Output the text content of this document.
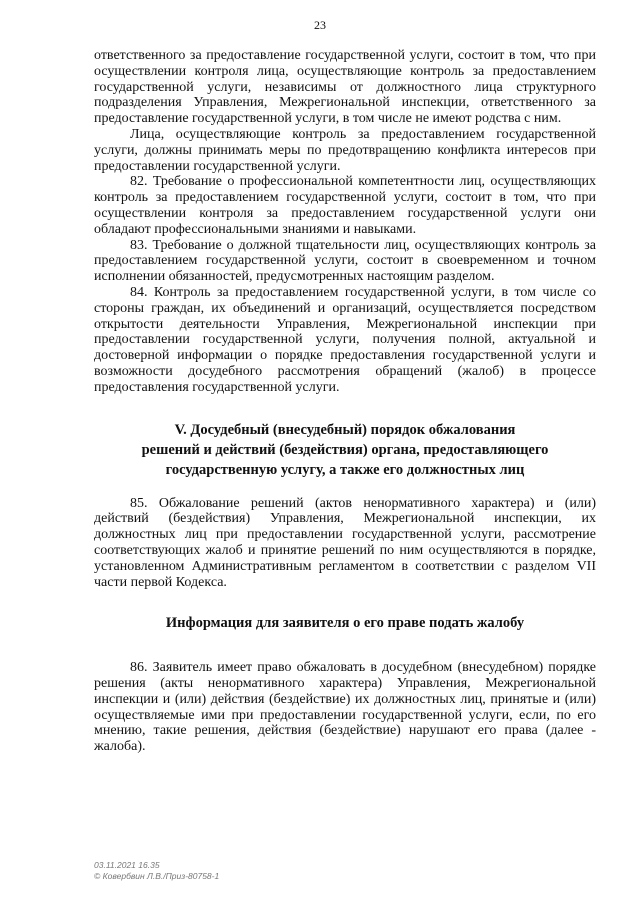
23

ответственного за предоставление государственной услуги, состоит в том, что при осуществлении контроля лица, осуществляющие контроль за предоставлением государственной услуги, независимы от должностного лица структурного подразделения Управления, Межрегиональной инспекции, ответственного за предоставление государственной услуги, в том числе не имеют родства с ним.

Лица, осуществляющие контроль за предоставлением государственной услуги, должны принимать меры по предотвращению конфликта интересов при предоставлении государственной услуги.

82. Требование о профессиональной компетентности лиц, осуществляющих контроль за предоставлением государственной услуги, состоит в том, что при осуществлении контроля за предоставлением государственной услуги они обладают профессиональными знаниями и навыками.

83. Требование о должной тщательности лиц, осуществляющих контроль за предоставлением государственной услуги, состоит в своевременном и точном исполнении обязанностей, предусмотренных настоящим разделом.

84. Контроль за предоставлением государственной услуги, в том числе со стороны граждан, их объединений и организаций, осуществляется посредством открытости деятельности Управления, Межрегиональной инспекции при предоставлении государственной услуги, получения полной, актуальной и достоверной информации о порядке предоставления государственной услуги и возможности досудебного рассмотрения обращений (жалоб) в процессе предоставления государственной услуги.

V. Досудебный (внесудебный) порядок обжалования
решений и действий (бездействия) органа, предоставляющего
государственную услугу, а также его должностных лиц

85. Обжалование решений (актов ненормативного характера) и (или) действий (бездействия) Управления, Межрегиональной инспекции, их должностных лиц при предоставлении государственной услуги, рассмотрение соответствующих жалоб и принятие решений по ним осуществляются в порядке, установленном Административным регламентом в соответствии с разделом VII части первой Кодекса.

Информация для заявителя о его праве подать жалобу

86. Заявитель имеет право обжаловать в досудебном (внесудебном) порядке решения (акты ненормативного характера) Управления, Межрегиональной инспекции и (или) действия (бездействие) их должностных лиц, принятые и (или) осуществляемые ими при предоставлении государственной услуги, если, по его мнению, такие решения, действия (бездействие) нарушают его права (далее - жалоба).

03.11.2021 16.35
© Ковербвин Л.В./Приз-80758-1
